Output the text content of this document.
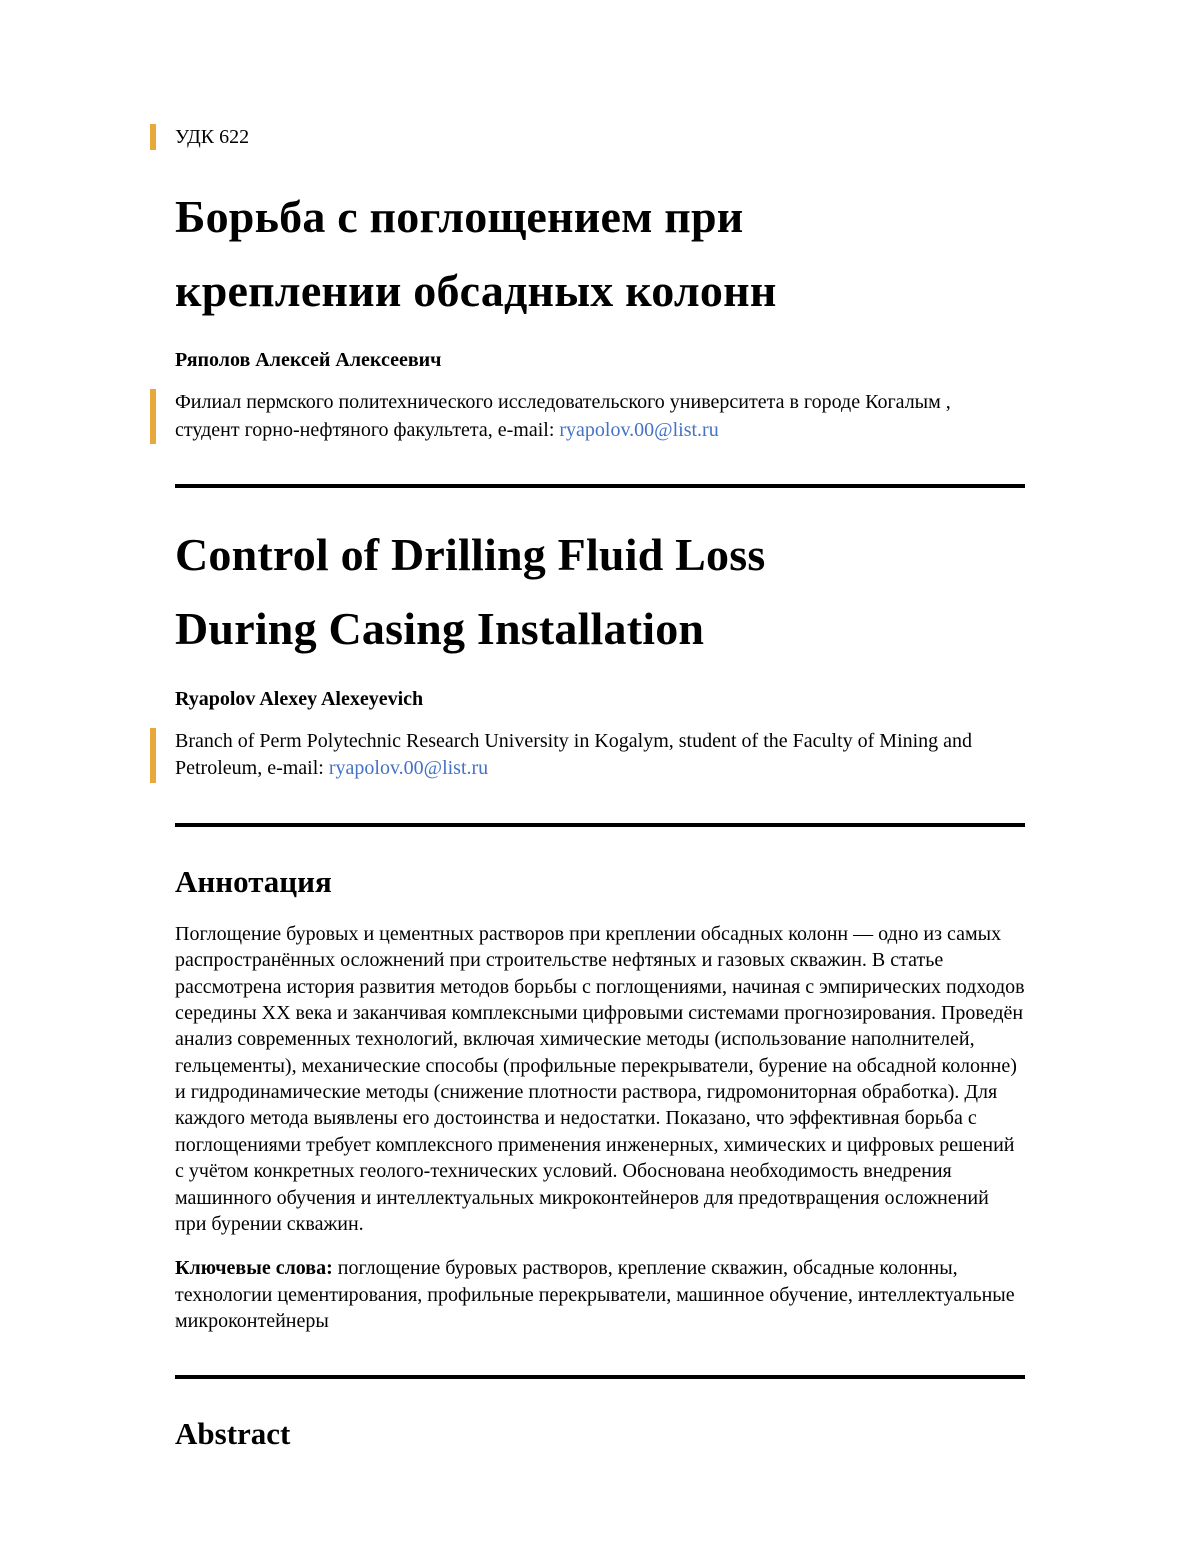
УДК 622
Борьба с поглощением при
креплении обсадных колонн

Ряполов Алексей Алексеевич

Филиал пермского политехнического исследовательского университета в городе Когалым , студент горно-нефтяного факультета, e-mail: ryapolov.00@list.ru
Control of Drilling Fluid Loss
During Casing Installation

Ryapolov Alexey Alexeyevich

Branch of Perm Polytechnic Research University in Kogalym, student of the Faculty of Mining and Petroleum, e-mail: ryapolov.00@list.ru
Аннотация

Поглощение буровых и цементных растворов при креплении обсадных колонн — одно из самых распространённых осложнений при строительстве нефтяных и газовых скважин. В статье рассмотрена история развития методов борьбы с поглощениями, начиная с эмпирических подходов середины XX века и заканчивая комплексными цифровыми системами прогнозирования. Проведён анализ современных технологий, включая химические методы (использование наполнителей, гельцементы), механические способы (профильные перекрыватели, бурение на обсадной колонне) и гидродинамические методы (снижение плотности раствора, гидромониторная обработка). Для каждого метода выявлены его достоинства и недостатки. Показано, что эффективная борьба с поглощениями требует комплексного применения инженерных, химических и цифровых решений с учётом конкретных геолого-технических условий. Обоснована необходимость внедрения машинного обучения и интеллектуальных микроконтейнеров для предотвращения осложнений при бурении скважин.

Ключевые слова: поглощение буровых растворов, крепление скважин, обсадные колонны, технологии цементирования, профильные перекрыватели, машинное обучение, интеллектуальные микроконтейнеры

Abstract
